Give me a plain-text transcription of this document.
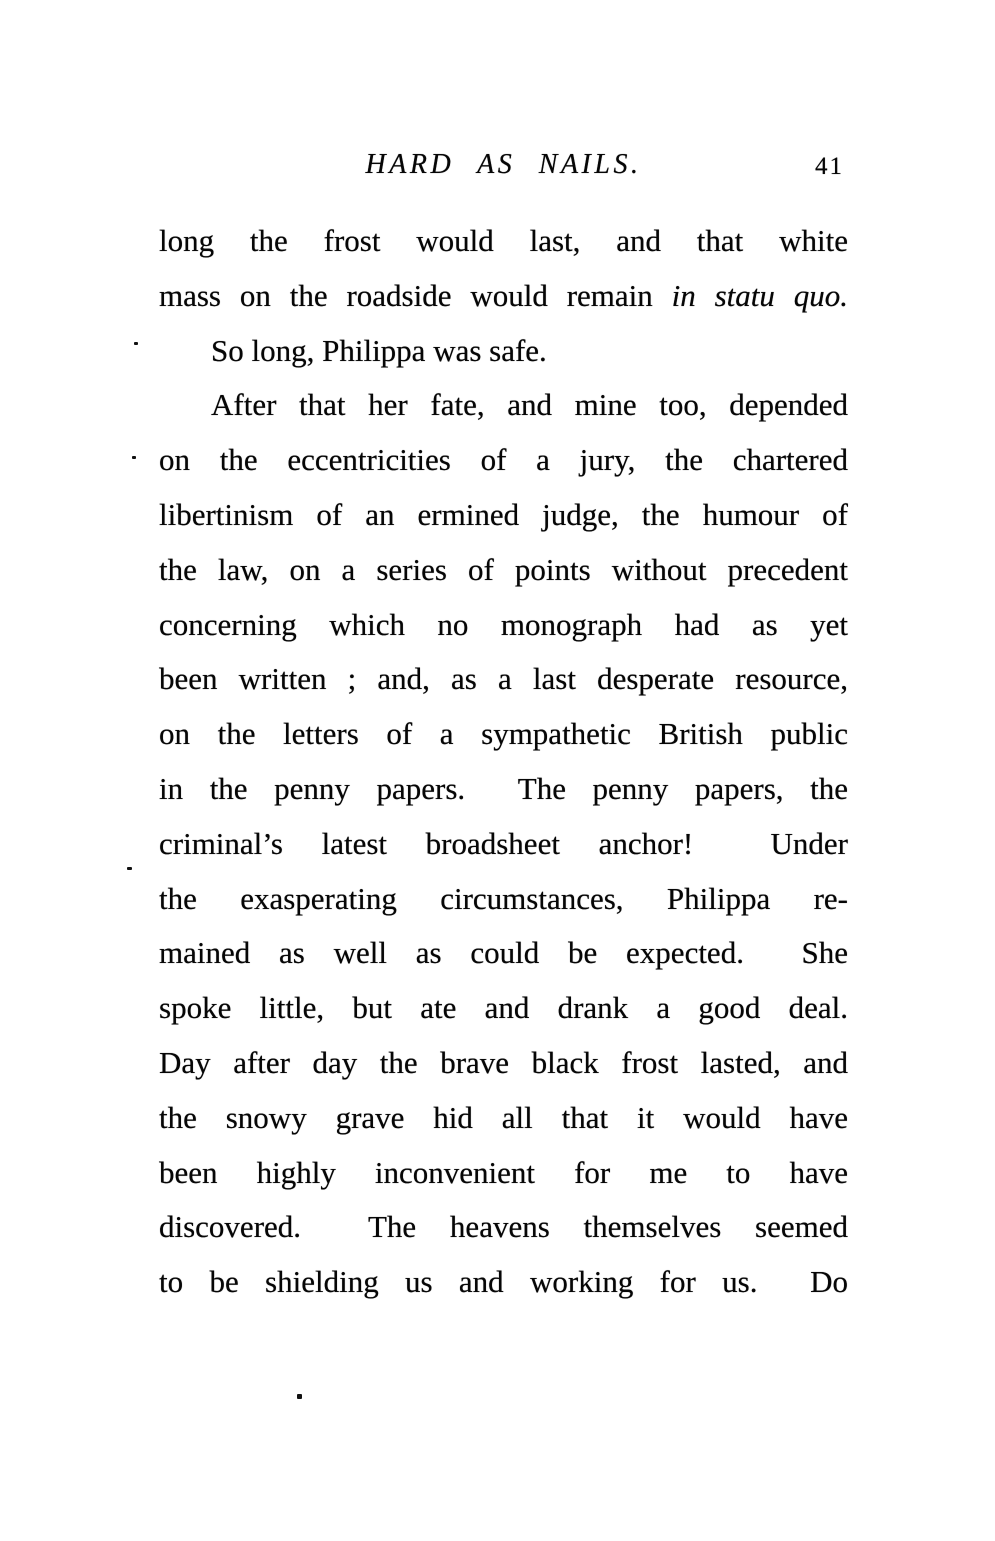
HARD AS NAILS.	41
long the frost would last, and that white
mass on the roadside would remain in statu quo.
So long, Philippa was safe.
After that her fate, and mine too, depended
on the eccentricities of a jury, the chartered
libertinism of an ermined judge, the humour of
the law, on a series of points without precedent
concerning which no monograph had as yet
been written ; and, as a last desperate resource,
on the letters of a sympathetic British public
in the penny papers.  The penny papers, the
criminal’s latest broadsheet anchor!  Under
the exasperating circumstances, Philippa re-
mained as well as could be expected.  She
spoke little, but ate and drank a good deal.
Day after day the brave black frost lasted, and
the snowy grave hid all that it would have
been highly inconvenient for me to have
discovered.  The heavens themselves seemed
to be shielding us and working for us.  Do
